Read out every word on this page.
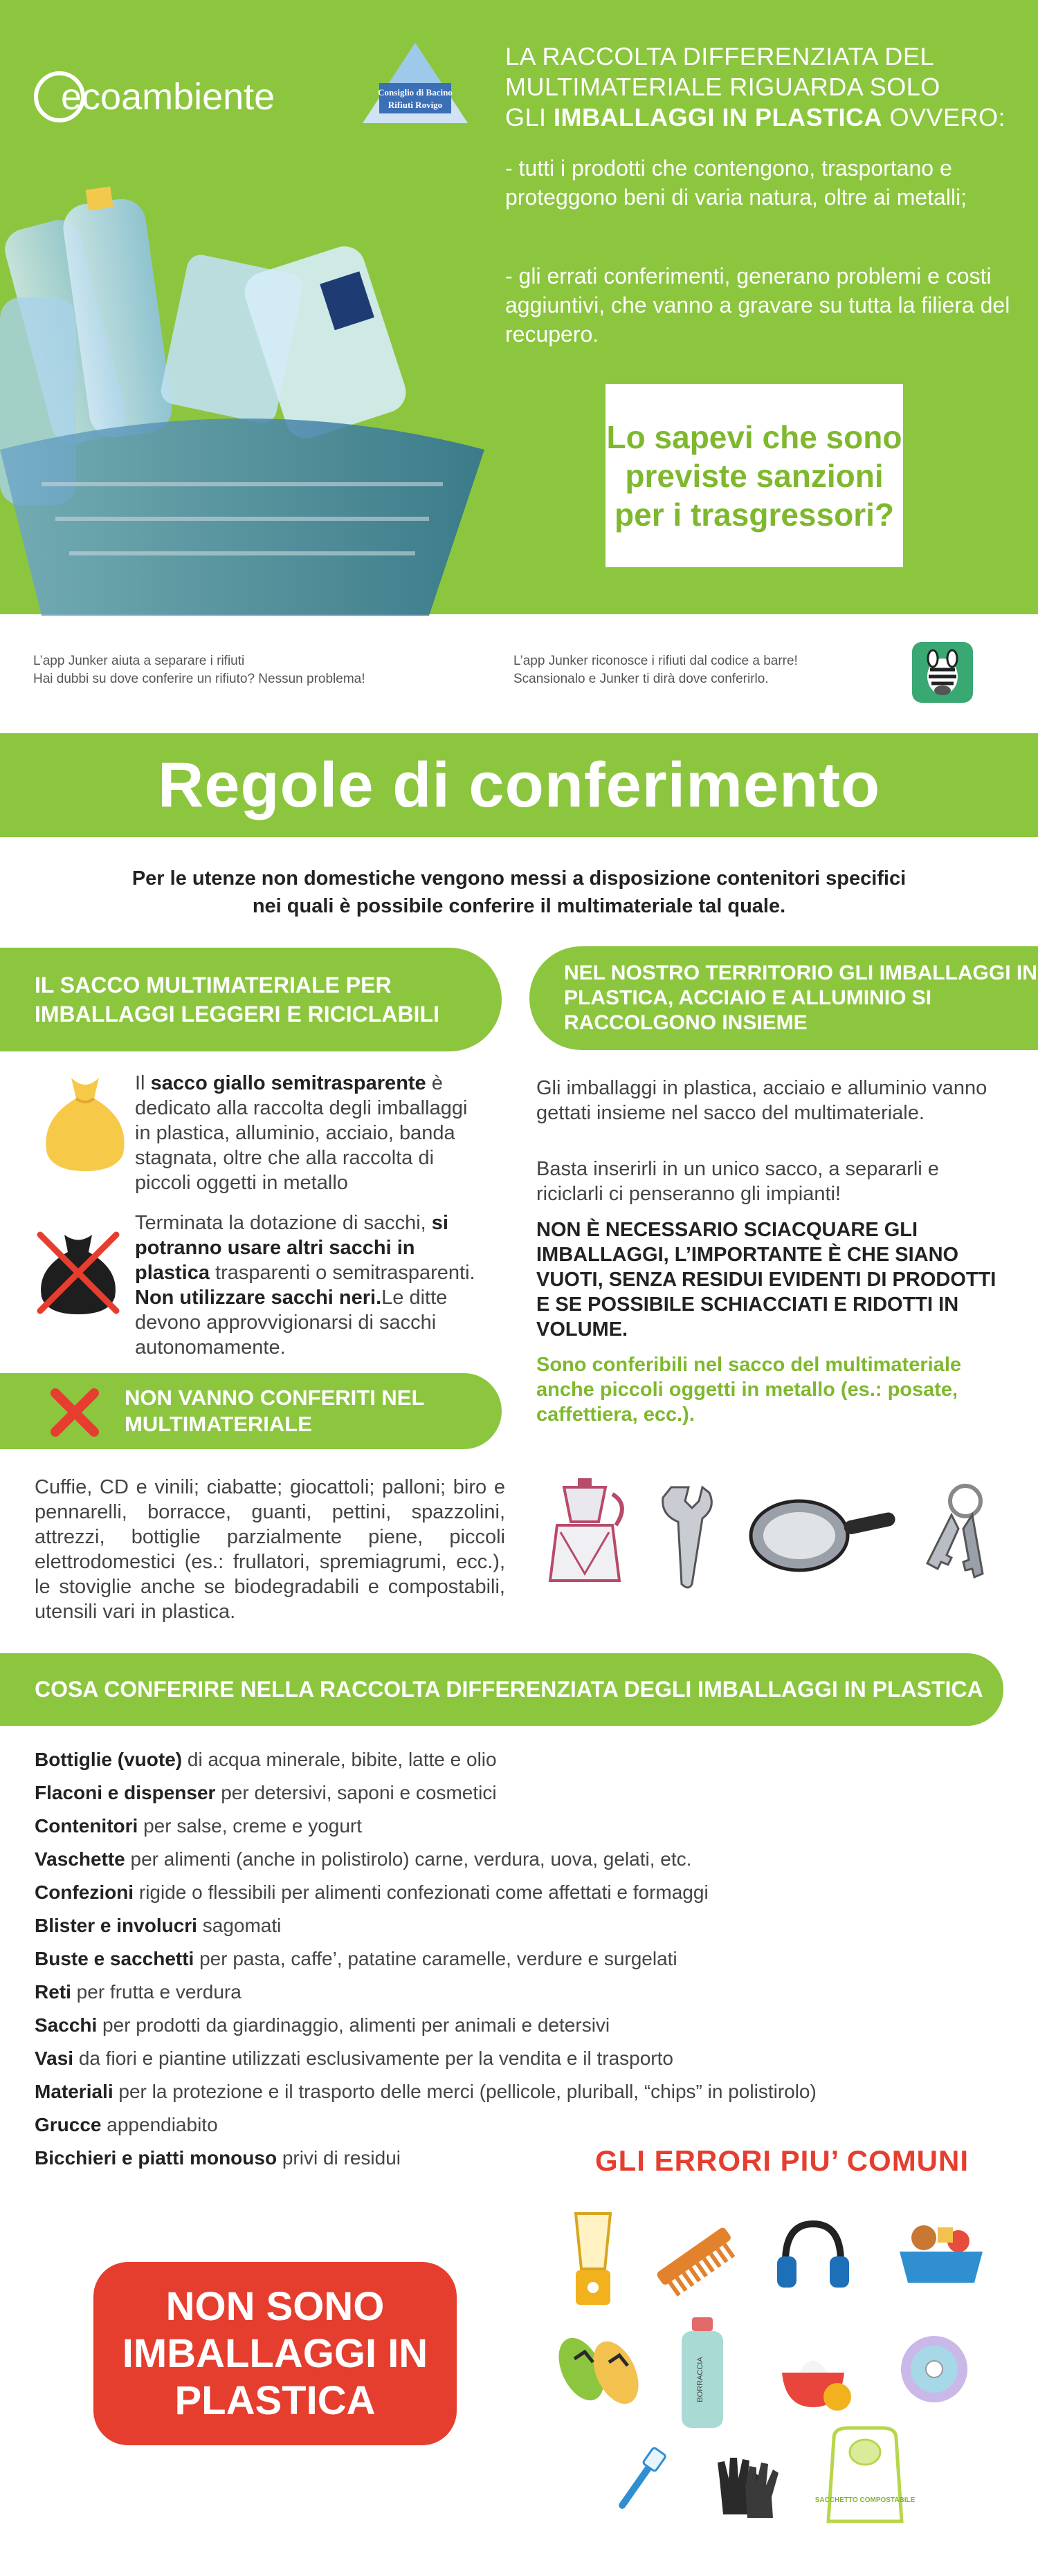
ecoambiente	Consiglio di Bacino
Rifiuti Rovigo
LA RACCOLTA DIFFERENZIATA DEL
MULTIMATERIALE RIGUARDA SOLO
GLI IMBALLAGGI IN PLASTICA OVVERO:
- tutti i prodotti che contengono, trasportano e proteggono beni di varia natura, oltre ai metalli;
- gli errati conferimenti, generano problemi e costi aggiuntivi, che vanno a gravare su tutta la filiera del recupero.
Lo sapevi che sono previste sanzioni per i trasgressori?
L’app Junker aiuta a separare i rifiuti
Hai dubbi su dove conferire un rifiuto? Nessun problema!
L’app Junker riconosce i rifiuti dal codice a barre!
Scansionalo e Junker ti dirà dove conferirlo.
Regole di conferimento
Per le utenze non domestiche vengono messi a disposizione contenitori specifici nei quali è possibile conferire il multimateriale tal quale.
IL SACCO MULTIMATERIALE PER IMBALLAGGI LEGGERI E RICICLABILI
Il sacco giallo semitrasparente è dedicato alla raccolta degli imballaggi in plastica, alluminio, acciaio, banda stagnata, oltre che alla raccolta di piccoli oggetti in metallo
Terminata la dotazione di sacchi, si potranno usare altri sacchi in plastica trasparenti o semitrasparenti. Non utilizzare sacchi neri.Le ditte devono approvvigionarsi di sacchi autonomamente.
NON VANNO CONFERITI NEL MULTIMATERIALE
Cuffie, CD e vinili; ciabatte; giocattoli; palloni; biro e pennarelli, borracce, guanti, pettini, spazzolini, attrezzi, bottiglie parzialmente piene, piccoli elettrodomestici (es.: frullatori, spremiagrumi, ecc.), le stoviglie anche se biodegradabili e compostabili, utensili vari in plastica.
NEL NOSTRO TERRITORIO GLI IMBALLAGGI IN PLASTICA, ACCIAIO E ALLUMINIO SI RACCOLGONO INSIEME
Gli imballaggi in plastica, acciaio e alluminio vanno gettati insieme nel sacco del multimateriale.
Basta inserirli in un unico sacco, a separarli e riciclarli ci penseranno gli impianti!
NON È NECESSARIO SCIACQUARE GLI IMBALLAGGI, L’IMPORTANTE È CHE SIANO VUOTI, SENZA RESIDUI EVIDENTI DI PRODOTTI E SE POSSIBILE SCHIACCIATI E RIDOTTI IN VOLUME.
Sono conferibili nel sacco del multimateriale anche piccoli oggetti in metallo (es.: posate, caffettiera, ecc.).
COSA CONFERIRE NELLA RACCOLTA DIFFERENZIATA DEGLI IMBALLAGGI IN PLASTICA
Bottiglie (vuote) di acqua minerale, bibite, latte e olio
Flaconi e dispenser per detersivi, saponi e cosmetici
Contenitori per salse, creme e yogurt
Vaschette per alimenti (anche in polistirolo) carne, verdura, uova, gelati, etc.
Confezioni rigide o flessibili per alimenti confezionati come affettati e formaggi
Blister e involucri sagomati
Buste e sacchetti per pasta, caffe’, patatine caramelle, verdure e surgelati
Reti per frutta e verdura
Sacchi per prodotti da giardinaggio, alimenti per animali e detersivi
Vasi da fiori e piantine utilizzati esclusivamente per la vendita e il trasporto
Materiali per la protezione e il trasporto delle merci (pellicole, pluriball, “chips” in polistirolo)
Grucce appendiabito
Bicchieri e piatti monouso privi di residui	GLI ERRORI PIU’ COMUNI
NON SONO IMBALLAGGI IN PLASTICA	BORRACCIA
SACCHETTO COMPOSTABILE
